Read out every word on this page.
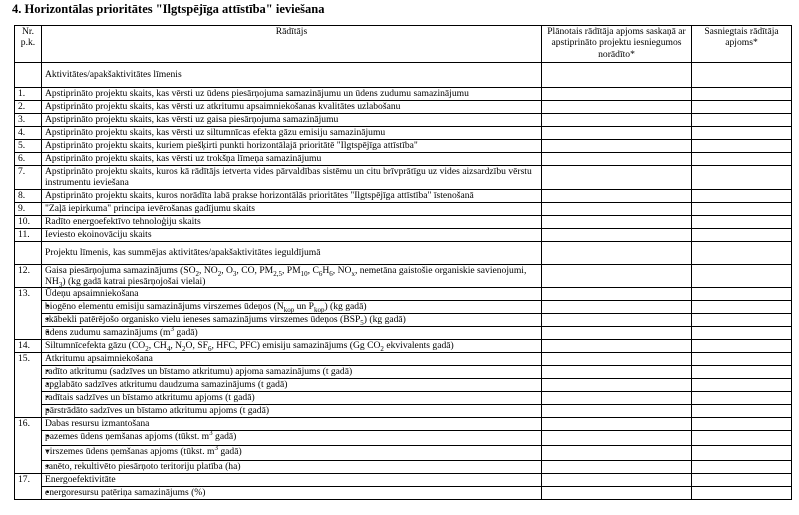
4. Horizontālas prioritātes "Ilgtspējīga attīstība" ieviešana
Nr. p.k.	Rādītājs	Plānotais rādītāja apjoms saskaņā ar apstiprināto projektu iesniegumos norādīto*	Sasniegtais rādītāja apjoms*
	Aktivitātes/apakšaktivitātes līmenis		
1.	Apstiprināto projektu skaits, kas vērsti uz ūdens piesārņojuma samazinājumu un ūdens zudumu samazinājumu		
2.	Apstiprināto projektu skaits, kas vērsti uz atkritumu apsaimniekošanas kvalitātes uzlabošanu		
3.	Apstiprināto projektu skaits, kas vērsti uz gaisa piesārņojuma samazinājumu		
4.	Apstiprināto projektu skaits, kas vērsti uz siltumnīcas efekta gāzu emisiju samazinājumu		
5.	Apstiprināto projektu skaits, kuriem piešķirti punkti horizontālajā prioritātē "Ilgtspējīga attīstība"		
6.	Apstiprināto projektu skaits, kas vērsti uz trokšņa līmeņa samazinājumu		
7.	Apstiprināto projektu skaits, kuros kā rādītājs ietverta vides pārvaldības sistēmu un citu brīvprātīgu uz vides aizsardzību vērstu instrumentu ieviešana		
8.	Apstiprināto projektu skaits, kuros norādīta labā prakse horizontālās prioritātes "Ilgtspējīga attīstība" īstenošanā		
9.	"Zaļā iepirkuma" principa ievērošanas gadījumu skaits		
10.	Radīto energoefektīvo tehnoloģiju skaits		
11.	Ieviesto ekoinovāciju skaits		
	Projektu līmenis, kas summējas aktivitātes/apakšaktivitātes ieguldījumā		
12.	Gaisa piesārņojuma samazinājums ($SO_2$, $NO_2$, $O_3$, CO, $PM_{2,5}$, $PM_{10}$, $C_6H_6$, $NO_x$, nemetāna gaistošie organiskie savienojumi, $NH_3$) (kg gadā katrai piesārņojošai vielai)		
13.	Ūdeņu apsaimniekošana		
	• biogēno elementu emisiju samazinājums virszemes ūdeņos ($N_{kop}$ un $P_{kop}$) (kg gadā)		
	• skābekli patērējošo organisko vielu ieneses samazinājums virszemes ūdeņos $(BSP_5)$ (kg gadā)		
	• ūdens zudumu samazinājums ($m^3$ gadā)		
14.	Siltumnīcefekta gāzu ($CO_2$, $CH_4$, $N_2O$, $SF_6$, HFC, PFC) emisiju samazinājums (Gg $CO_2$ ekvivalents gadā)		
15.	Atkritumu apsaimniekošana		
	• radīto atkritumu (sadzīves un bīstamo atkritumu) apjoma samazinājums (t gadā)		
	• apglabāto sadzīves atkritumu daudzuma samazinājums (t gadā)		
	• radītais sadzīves un bīstamo atkritumu apjoms (t gadā)		
	• pārstrādāto sadzīves un bīstamo atkritumu apjoms (t gadā)		
16.	Dabas resursu izmantošana		
	• pazemes ūdens ņemšanas apjoms (tūkst. $m^3$ gadā)		
	• virszemes ūdens ņemšanas apjoms (tūkst. $m^3$ gadā)		
	• sanēto, rekultivēto piesārņoto teritoriju platība (ha)		
17.	Energoefektivitāte		
	• energoresursu patēriņa samazinājums (%)		
